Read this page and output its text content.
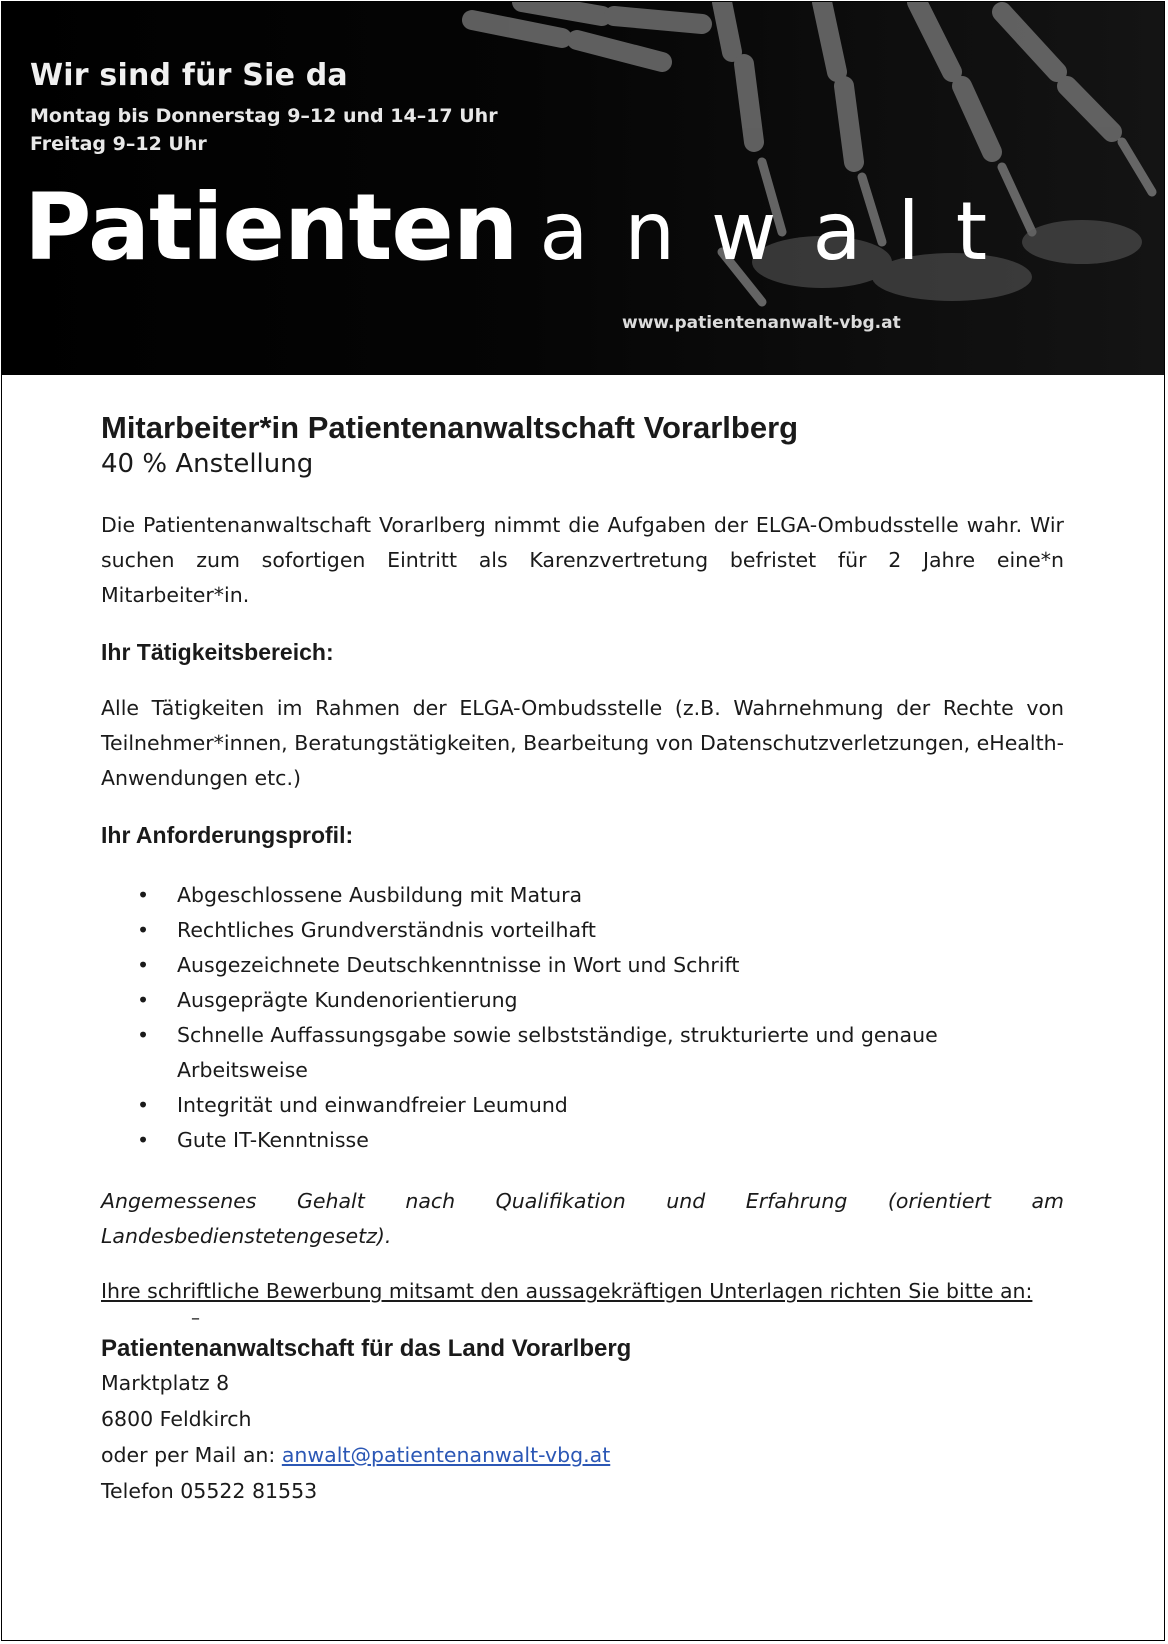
Wir sind für Sie da
Montag bis Donnerstag 9–12 und 14–17 Uhr
Freitag 9–12 Uhr
Patienten anwalt
www.patientenanwalt-vbg.at
Mitarbeiter*in Patientenanwaltschaft Vorarlberg
40 % Anstellung

Die Patientenanwaltschaft Vorarlberg nimmt die Aufgaben der ELGA-Ombudsstelle wahr. Wir suchen zum sofortigen Eintritt als Karenzvertretung befristet für 2 Jahre eine*n Mitarbeiter*in.

Ihr Tätigkeitsbereich:

Alle Tätigkeiten im Rahmen der ELGA-Ombudsstelle (z.B. Wahrnehmung der Rechte von Teilnehmer*innen, Beratungstätigkeiten, Bearbeitung von Datenschutzverletzungen, eHealth-Anwendungen etc.)

Ihr Anforderungsprofil:
• Abgeschlossene Ausbildung mit Matura
• Rechtliches Grundverständnis vorteilhaft
• Ausgezeichnete Deutschkenntnisse in Wort und Schrift
• Ausgeprägte Kundenorientierung
• Schnelle Auffassungsgabe sowie selbstständige, strukturierte und genaue Arbeitsweise
• Integrität und einwandfreier Leumund
• Gute IT-Kenntnisse

Angemessenes Gehalt nach Qualifikation und Erfahrung (orientiert am Landesbedienstetengesetz).

Ihre schriftliche Bewerbung mitsamt den aussagekräftigen Unterlagen richten Sie bitte an:

–
Patientenanwaltschaft für das Land Vorarlberg
Marktplatz 8
6800 Feldkirch
oder per Mail an: anwalt@patientenanwalt-vbg.at
Telefon 05522 81553
